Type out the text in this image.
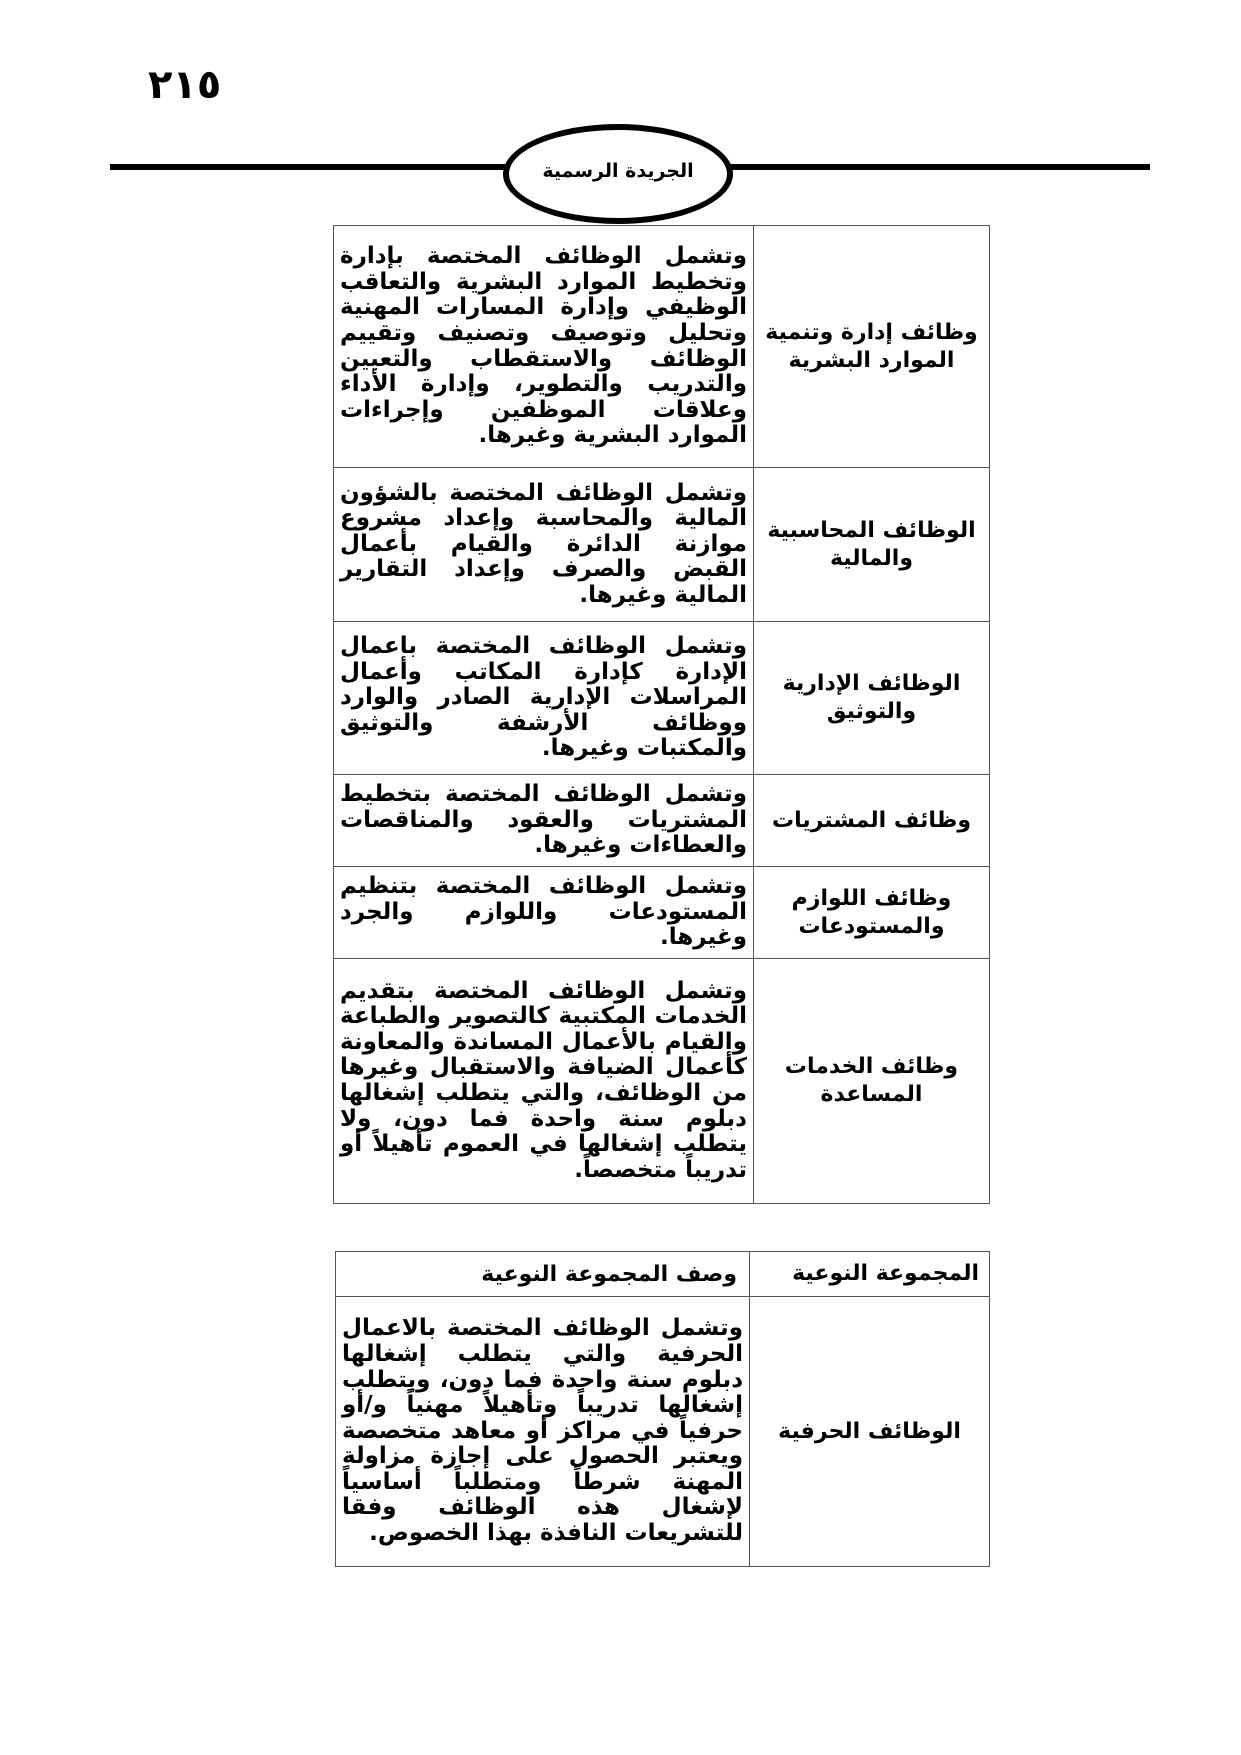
٢١٥
الجريدة الرسمية
وظائف إدارة وتنمية الموارد البشرية	وتشمل الوظائف المختصة بإدارة وتخطيط الموارد البشرية والتعاقب الوظيفي وإدارة المسارات المهنية وتحليل وتوصيف وتصنيف وتقييم الوظائف والاستقطاب والتعيين والتدريب والتطوير، وإدارة الأداء وعلاقات الموظفين وإجراءات الموارد البشرية وغيرها.
الوظائف المحاسبية والمالية	وتشمل الوظائف المختصة بالشؤون المالية والمحاسبة وإعداد مشروع موازنة الدائرة والقيام بأعمال القبض والصرف وإعداد التقارير المالية وغيرها.
الوظائف الإدارية والتوثيق	وتشمل الوظائف المختصة باعمال الإدارة كإدارة المكاتب وأعمال المراسلات الإدارية الصادر والوارد ووظائف الأرشفة والتوثيق والمكتبات وغيرها.
وظائف المشتريات	وتشمل الوظائف المختصة بتخطيط المشتريات والعقود والمناقصات والعطاءات وغيرها.
وظائف اللوازم والمستودعات	وتشمل الوظائف المختصة بتنظيم المستودعات واللوازم والجرد وغيرها.
وظائف الخدمات المساعدة	وتشمل الوظائف المختصة بتقديم الخدمات المكتبية كالتصوير والطباعة والقيام بالأعمال المساندة والمعاونة كأعمال الضيافة والاستقبال وغيرها من الوظائف، والتي يتطلب إشغالها دبلوم سنة واحدة فما دون، ولا يتطلب إشغالها في العموم تأهيلاً أو تدريباً متخصصاً.
المجموعة النوعية	وصف المجموعة النوعية
الوظائف الحرفية	وتشمل الوظائف المختصة بالاعمال الحرفية والتي يتطلب إشغالها دبلوم سنة واحدة فما دون، ويتطلب إشغالها تدريباً وتأهيلاً مهنياً و/أو حرفياً في مراكز أو معاهد متخصصة ويعتبر الحصول على إجازة مزاولة المهنة شرطاً ومتطلباً أساسياً لإشغال هذه الوظائف وفقا للتشريعات النافذة بهذا الخصوص.
